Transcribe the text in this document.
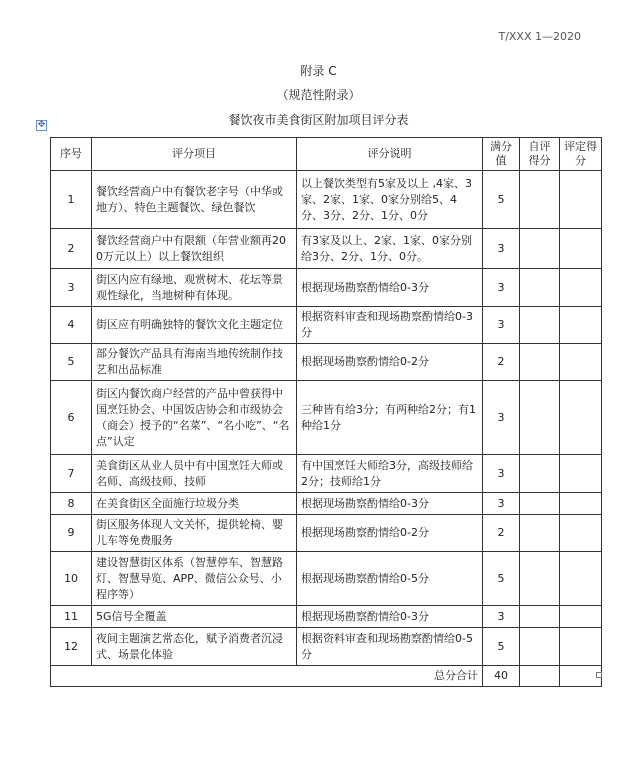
T/XXX 1—2020
附录 C
（规范性附录）
餐饮夜市美食街区附加项目评分表
✥
序号	评分项目	评分说明	满分值	自评得分	评定得分
1	餐饮经营商户中有餐饮老字号（中华或地方）、特色主题餐饮、绿色餐饮	以上餐饮类型有5家及以上 ,4家、3家、2家、1家、0家分别给5、4分、3分、2分、1分、0分	5		
2	餐饮经营商户中有限额（年营业额再200万元以上）以上餐饮组织	有3家及以上、2家、1家、0家分别给3分、2分、1分、0分。	3		
3	街区内应有绿地、观赏树木、花坛等景观性绿化，当地树种有体现。	根据现场勘察酌情给0-3分	3		
4	街区应有明确独特的餐饮文化主题定位	根据资料审查和现场勘察酌情给0-3分	3		
5	部分餐饮产品具有海南当地传统制作技艺和出品标准	根据现场勘察酌情给0-2分	2		
6	街区内餐饮商户经营的产品中曾获得中国烹饪协会、中国饭店协会和市级协会（商会）授予的“名菜”、“名小吃”、“名点”认定	三种皆有给3分；有两种给2分；有1种给1分	3		
7	美食街区从业人员中有中国烹饪大师或名师、高级技师、技师	有中国烹饪大师给3分，高级技师给2分；技师给1分	3		
8	在美食街区全面施行垃圾分类	根据现场勘察酌情给0-3分	3		
9	街区服务体现人文关怀，提供轮椅、婴儿车等免费服务	根据现场勘察酌情给0-2分	2		
10	建设智慧街区体系（智慧停车、智慧路灯、智慧导览、APP、微信公众号、小程序等）	根据现场勘察酌情给0-5分	5		
11	5G信号全覆盖	根据现场勘察酌情给0-3分	3		
12	夜间主题演艺常态化，赋予消费者沉浸式、场景化体验	根据资料审查和现场勘察酌情给0-5分	5		
总分合计			40		
